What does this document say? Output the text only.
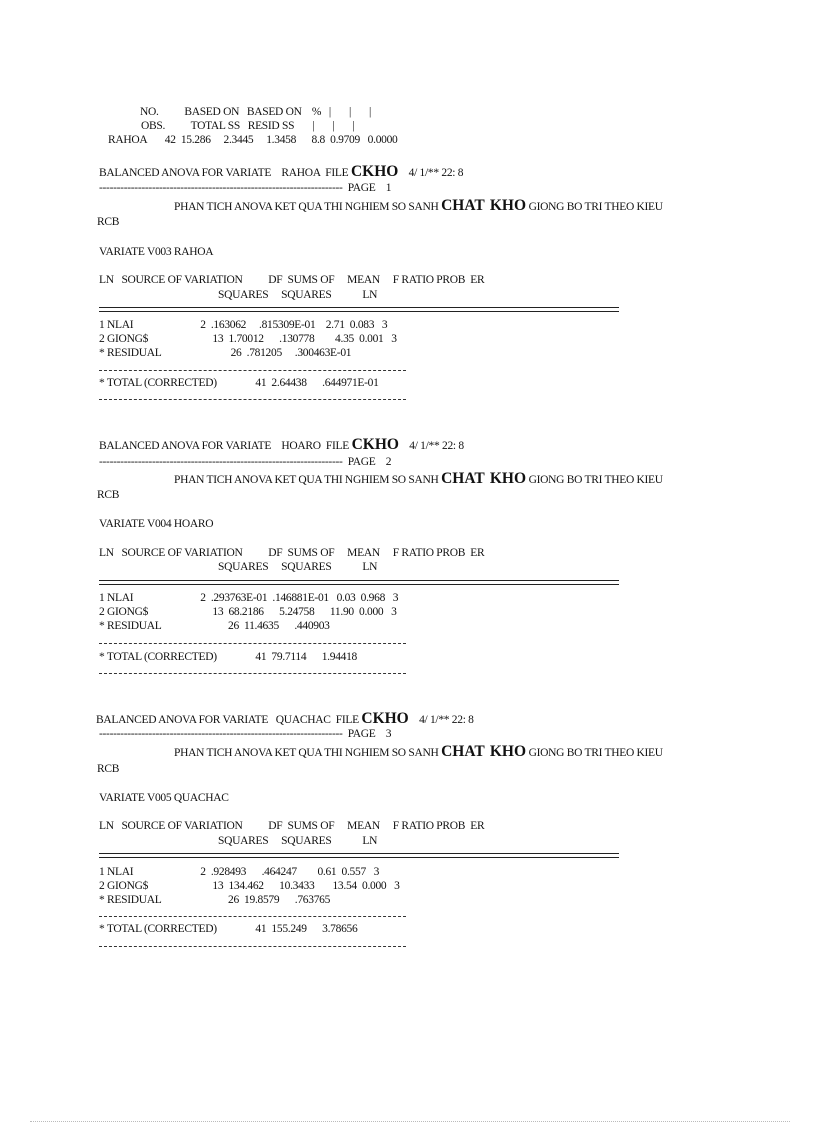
NO.          BASED ON   BASED ON    %   |       |       |
OBS.          TOTAL SS   RESID SS       |       |       |
RAHOA       42  15.286     2.3445     1.3458      8.8  0.9709   0.0000
BALANCED ANOVA FOR VARIATE    RAHOA  FILE CKHO 4/ 1/** 22: 8
---------------------------------------------------------------------  PAGE    1
PHAN TICH ANOVA KET QUA THI NGHIEM SO SANH CHAT KHO GIONG BO TRI THEO KIEU
RCB
VARIATE V003 RAHOA
LN   SOURCE OF VARIATION          DF  SUMS OF     MEAN     F RATIO PROB  ER
SQUARES     SQUARES            LN
1 NLAI                          2  .163062     .815309E-01    2.71  0.083   3
2 GIONG$                         13  1.70012      .130778        4.35  0.001   3
* RESIDUAL                           26  .781205     .300463E-01
* TOTAL (CORRECTED)               41  2.64438      .644971E-01
BALANCED ANOVA FOR VARIATE    HOARO  FILE CKHO 4/ 1/** 22: 8
---------------------------------------------------------------------  PAGE    2
PHAN TICH ANOVA KET QUA THI NGHIEM SO SANH CHAT KHO GIONG BO TRI THEO KIEU
RCB
VARIATE V004 HOARO
LN   SOURCE OF VARIATION          DF  SUMS OF     MEAN     F RATIO PROB  ER
SQUARES     SQUARES            LN
1 NLAI                          2  .293763E-01  .146881E-01   0.03  0.968   3
2 GIONG$                         13  68.2186      5.24758      11.90  0.000   3
* RESIDUAL                          26  11.4635      .440903
* TOTAL (CORRECTED)               41  79.7114      1.94418
BALANCED ANOVA FOR VARIATE   QUACHAC  FILE CKHO 4/ 1/** 22: 8
---------------------------------------------------------------------  PAGE    3
PHAN TICH ANOVA KET QUA THI NGHIEM SO SANH CHAT KHO GIONG BO TRI THEO KIEU
RCB
VARIATE V005 QUACHAC
LN   SOURCE OF VARIATION          DF  SUMS OF     MEAN     F RATIO PROB  ER
SQUARES     SQUARES            LN
1 NLAI                          2  .928493      .464247        0.61  0.557   3
2 GIONG$                         13  134.462      10.3433       13.54  0.000   3
* RESIDUAL                          26  19.8579      .763765
* TOTAL (CORRECTED)               41  155.249      3.78656
